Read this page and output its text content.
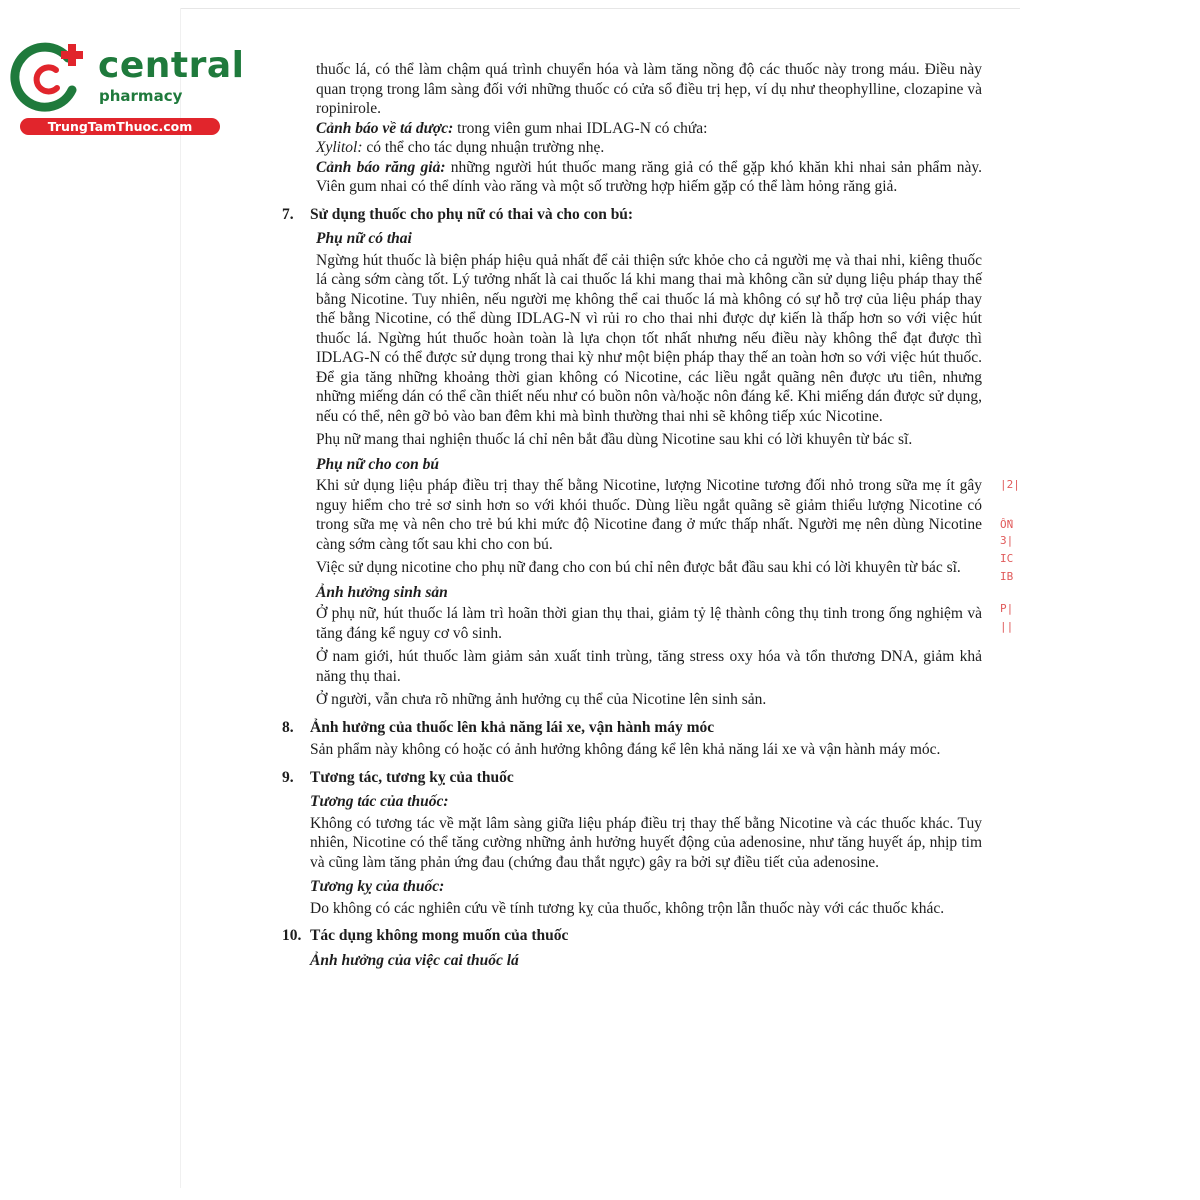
central
pharmacy
TrungTamThuoc.com

thuốc lá, có thể làm chậm quá trình chuyển hóa và làm tăng nồng độ các thuốc này trong máu. Điều này quan trọng trong lâm sàng đối với những thuốc có cửa sổ điều trị hẹp, ví dụ như theophylline, clozapine và ropinirole.

Cảnh báo về tá dược: trong viên gum nhai IDLAG-N có chứa:

Xylitol: có thể cho tác dụng nhuận trường nhẹ.

Cảnh báo răng giả: những người hút thuốc mang răng giả có thể gặp khó khăn khi nhai sản phẩm này. Viên gum nhai có thể dính vào răng và một số trường hợp hiếm gặp có thể làm hỏng răng giả.

7.	Sử dụng thuốc cho phụ nữ có thai và cho con bú:
Phụ nữ có thai

Ngừng hút thuốc là biện pháp hiệu quả nhất để cải thiện sức khỏe cho cả người mẹ và thai nhi, kiêng thuốc lá càng sớm càng tốt. Lý tưởng nhất là cai thuốc lá khi mang thai mà không cần sử dụng liệu pháp thay thế bằng Nicotine. Tuy nhiên, nếu người mẹ không thể cai thuốc lá mà không có sự hỗ trợ của liệu pháp thay thế bằng Nicotine, có thể dùng IDLAG-N vì rủi ro cho thai nhi được dự kiến là thấp hơn so với việc hút thuốc lá. Ngừng hút thuốc hoàn toàn là lựa chọn tốt nhất nhưng nếu điều này không thể đạt được thì IDLAG-N có thể được sử dụng trong thai kỳ như một biện pháp thay thế an toàn hơn so với việc hút thuốc. Để gia tăng những khoảng thời gian không có Nicotine, các liều ngắt quãng nên được ưu tiên, nhưng những miếng dán có thể cần thiết nếu như có buồn nôn và/hoặc nôn đáng kể. Khi miếng dán được sử dụng, nếu có thể, nên gỡ bỏ vào ban đêm khi mà bình thường thai nhi sẽ không tiếp xúc Nicotine.

Phụ nữ mang thai nghiện thuốc lá chỉ nên bắt đầu dùng Nicotine sau khi có lời khuyên từ bác sĩ.

Phụ nữ cho con bú

Khi sử dụng liệu pháp điều trị thay thế bằng Nicotine, lượng Nicotine tương đối nhỏ trong sữa mẹ ít gây nguy hiểm cho trẻ sơ sinh hơn so với khói thuốc. Dùng liều ngắt quãng sẽ giảm thiểu lượng Nicotine có trong sữa mẹ và nên cho trẻ bú khi mức độ Nicotine đang ở mức thấp nhất. Người mẹ nên dùng Nicotine càng sớm càng tốt sau khi cho con bú.

Việc sử dụng nicotine cho phụ nữ đang cho con bú chỉ nên được bắt đầu sau khi có lời khuyên từ bác sĩ.

Ảnh hưởng sinh sản

Ở phụ nữ, hút thuốc lá làm trì hoãn thời gian thụ thai, giảm tỷ lệ thành công thụ tinh trong ống nghiệm và tăng đáng kể nguy cơ vô sinh.

Ở nam giới, hút thuốc làm giảm sản xuất tinh trùng, tăng stress oxy hóa và tổn thương DNA, giảm khả năng thụ thai.

Ở người, vẫn chưa rõ những ảnh hưởng cụ thể của Nicotine lên sinh sản.

8.	Ảnh hưởng của thuốc lên khả năng lái xe, vận hành máy móc

Sản phẩm này không có hoặc có ảnh hưởng không đáng kể lên khả năng lái xe và vận hành máy móc.

9.	Tương tác, tương kỵ của thuốc
Tương tác của thuốc:

Không có tương tác về mặt lâm sàng giữa liệu pháp điều trị thay thế bằng Nicotine và các thuốc khác. Tuy nhiên, Nicotine có thể tăng cường những ảnh hưởng huyết động của adenosine, như tăng huyết áp, nhịp tim và cũng làm tăng phản ứng đau (chứng đau thắt ngực) gây ra bởi sự điều tiết của adenosine.

Tương kỵ của thuốc:

Do không có các nghiên cứu về tính tương kỵ của thuốc, không trộn lẫn thuốc này với các thuốc khác.

10. Tác dụng không mong muốn của thuốc
Ảnh hưởng của việc cai thuốc lá
|2|
ỐN
3|
IC
IB
P|
||
